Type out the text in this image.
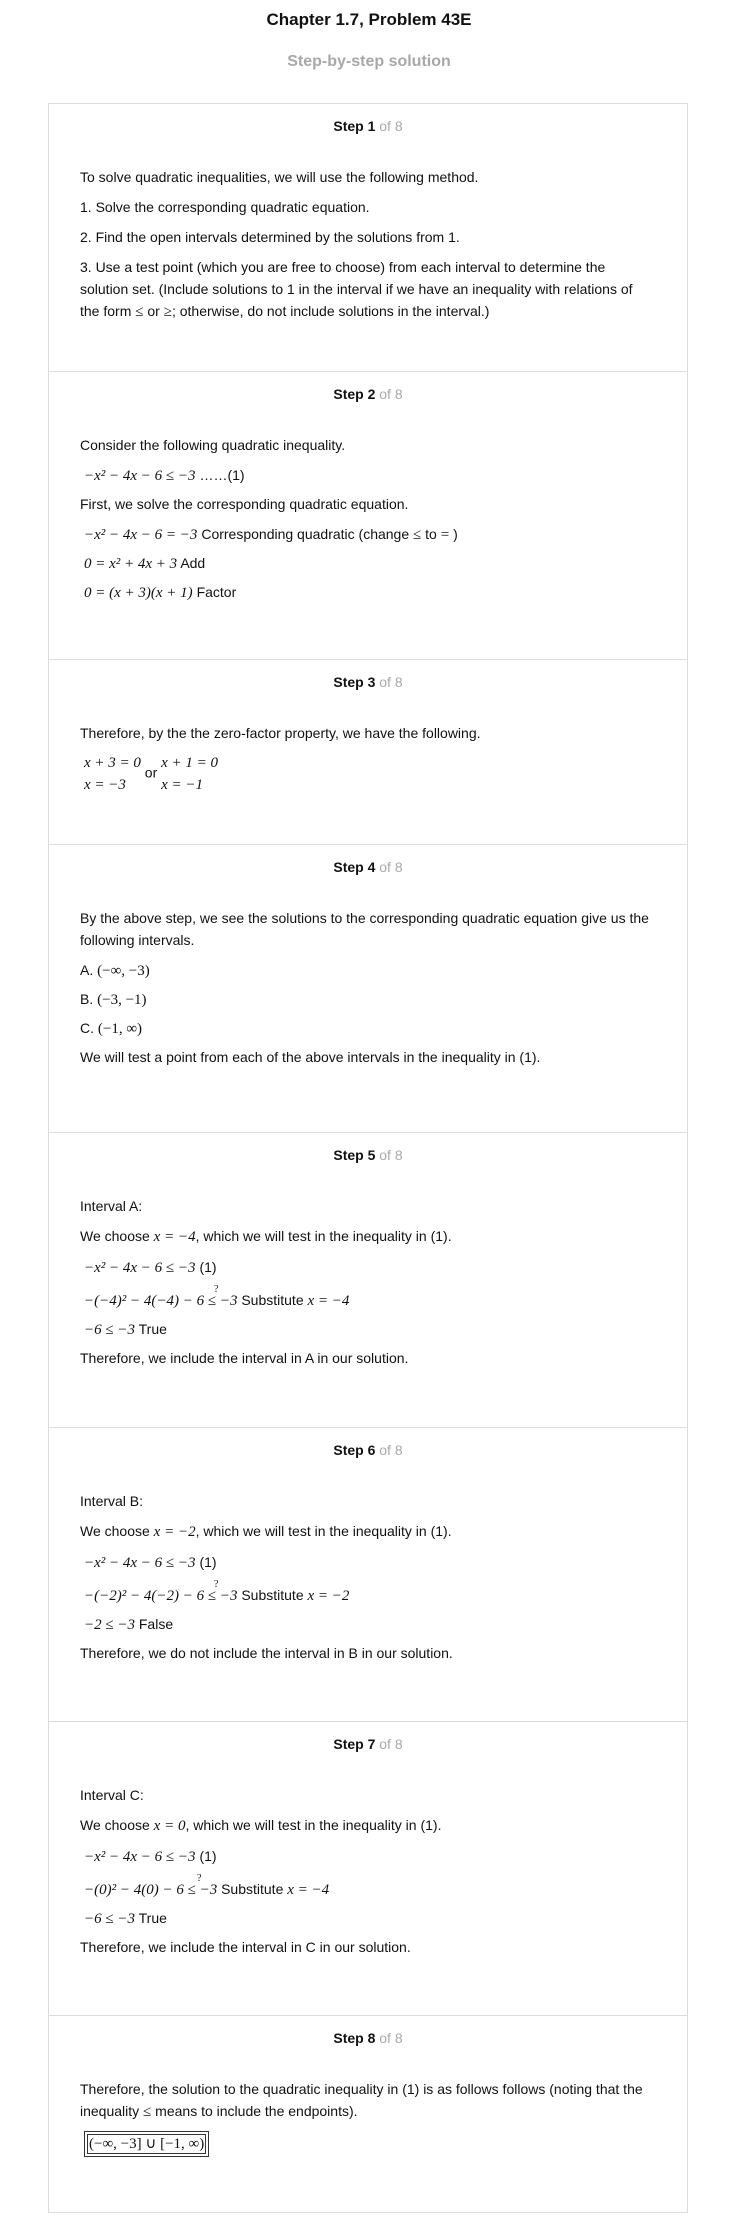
Chapter 1.7, Problem 43E
Step-by-step solution
Step 1 of 8

To solve quadratic inequalities, we will use the following method.

1. Solve the corresponding quadratic equation.

2. Find the open intervals determined by the solutions from 1.

3. Use a test point (which you are free to choose) from each interval to determine the solution set. (Include solutions to 1 in the interval if we have an inequality with relations of the form ≤ or ≥; otherwise, do not include solutions in the interval.)

Step 2 of 8

Consider the following quadratic inequality.

−x² − 4x − 6 ≤ −3 ……(1)

First, we solve the corresponding quadratic equation.

−x² − 4x − 6 = −3 Corresponding quadratic (change ≤ to = )
0 = x² + 4x + 3 Add
0 = (x + 3)(x + 1) Factor
Step 3 of 8

Therefore, by the the zero-factor property, we have the following.

x + 3 = 0
x = −3
or
x + 1 = 0
x = −1
Step 4 of 8

By the above step, we see the solutions to the corresponding quadratic equation give us the following intervals.

A. (−∞, −3)
B. (−3, −1)
C. (−1, ∞)

We will test a point from each of the above intervals in the inequality in (1).

Step 5 of 8

Interval A:

We choose x = −4, which we will test in the inequality in (1).

−x² − 4x − 6 ≤ −3 (1)
?
−(−4)² − 4(−4) − 6 ≤ −3 Substitute x = −4
−6 ≤ −3 True

Therefore, we include the interval in A in our solution.

Step 6 of 8

Interval B:

We choose x = −2, which we will test in the inequality in (1).

−x² − 4x − 6 ≤ −3 (1)
?
−(−2)² − 4(−2) − 6 ≤ −3 Substitute x = −2
−2 ≤ −3 False

Therefore, we do not include the interval in B in our solution.

Step 7 of 8

Interval C:

We choose x = 0, which we will test in the inequality in (1).

−x² − 4x − 6 ≤ −3 (1)
?
−(0)² − 4(0) − 6 ≤ −3 Substitute x = −4
−6 ≤ −3 True

Therefore, we include the interval in C in our solution.

Step 8 of 8

Therefore, the solution to the quadratic inequality in (1) is as follows follows (noting that the inequality ≤ means to include the endpoints).

(−∞, −3] ∪ [−1, ∞)
